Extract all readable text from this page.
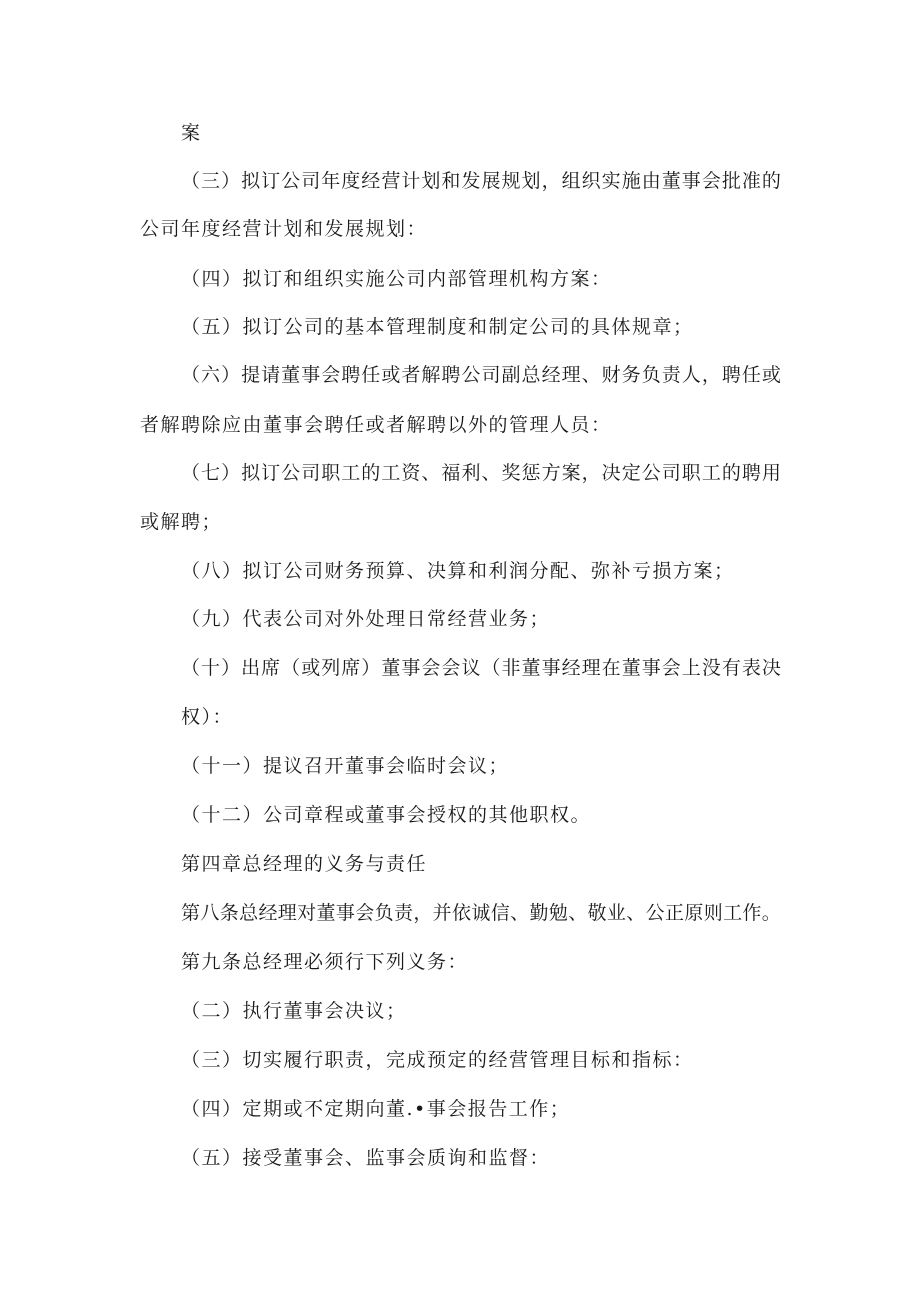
案
（ 三 ） 拟 订 公 司 年 度 经 营 计 划 和 发 展 规 划 ， 组 织 实 施 由 董 事 会 批 准 的
公司年度经营计划和发展规划：
（四）拟订和组织实施公司内部管理机构方案：
（五）拟订公司的基本管理制度和制定公司的具体规章；
（ 六 ） 提 请 董 事 会 聘 任 或 者 解 聘 公 司 副 总 经 理 、 财 务 负 责 人 ， 聘 任 或
者解聘除应由董事会聘任或者解聘以外的管理人员：
（ 七 ） 拟 订 公 司 职 工 的 工 资 、 福 利 、 奖 惩 方 案 ， 决 定 公 司 职 工 的 聘 用
或解聘；
（八）拟订公司财务预算、决算和利润分配、弥补亏损方案；
（九）代表公司对外处理日常经营业务；
（ 十 ） 出 席 （ 或 列 席 ） 董 事 会 会 议 （ 非 董 事 经 理 在 董 事 会 上 没 有 表 决
权）：
（十一）提议召开董事会临时会议；
（十二）公司章程或董事会授权的其他职权。
第四章总经理的义务与责任
第 八 条 总 经 理 对 董 事 会 负 责 ， 并 依 诚 信 、 勤 勉 、 敬 业 、 公 正 原 则 工 作 。
第九条总经理必须行下列义务：
（二）执行董事会决议；
（三）切实履行职责，完成预定的经营管理目标和指标：
（四）定期或不定期向董.•事会报告工作；
（五）接受董事会、监事会质询和监督：
